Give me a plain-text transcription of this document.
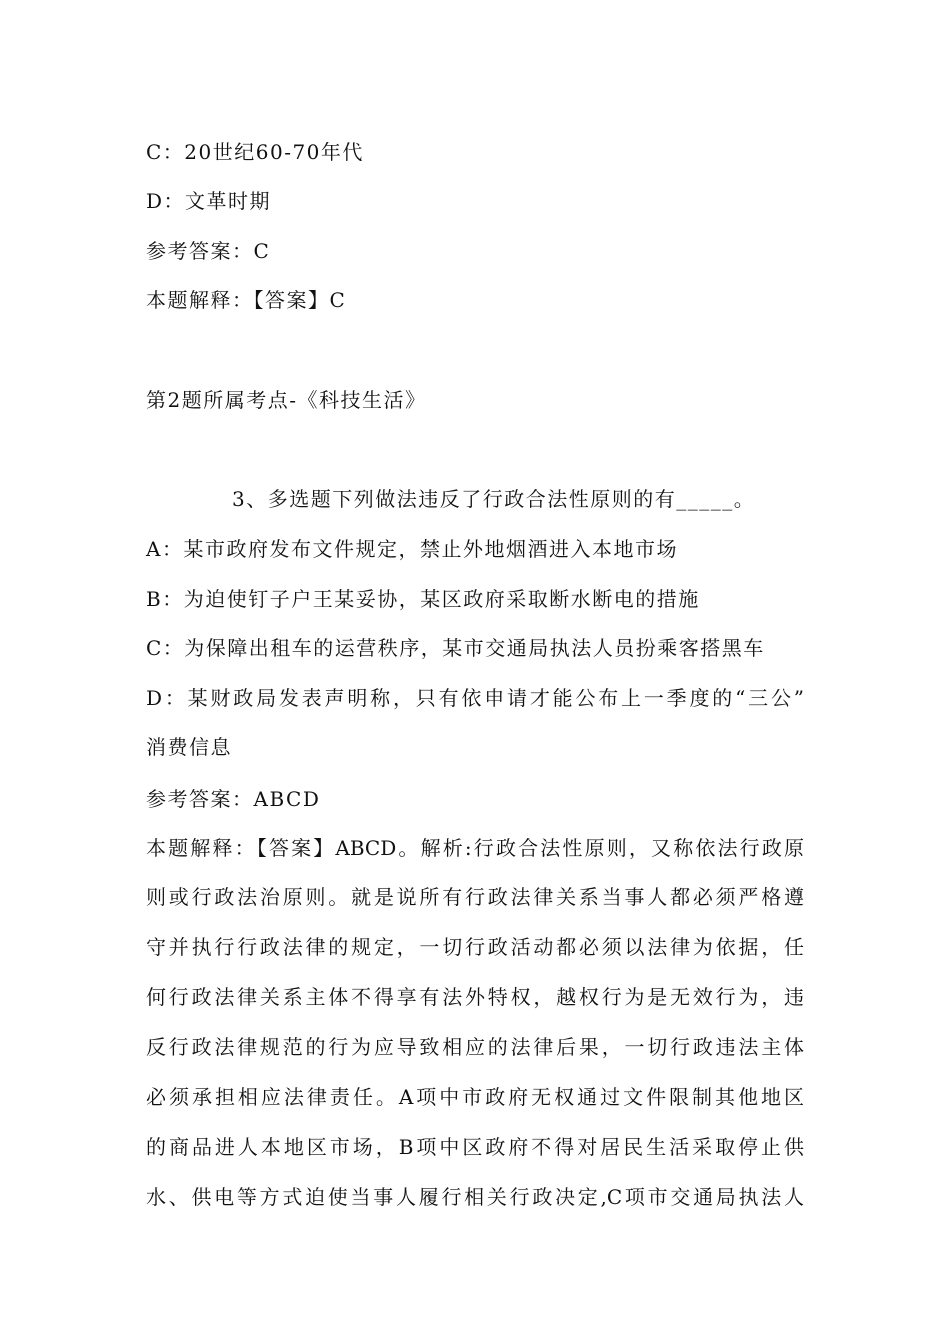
C：20世纪60-70年代
D：文革时期
参考答案：C
本题解释：【答案】C
第2题所属考点-《科技生活》
3、多选题下列做法违反了行政合法性原则的有_____。
A：某市政府发布文件规定，禁止外地烟酒进入本地市场
B：为迫使钉子户王某妥协，某区政府采取断水断电的措施
C：为保障出租车的运营秩序，某市交通局执法人员扮乘客搭黑车
D：某财政局发表声明称，只有依申请才能公布上一季度的“三公”
消费信息
参考答案：ABCD
本题解释：【答案】ABCD。解析:行政合法性原则，又称依法行政原
则或行政法治原则。就是说所有行政法律关系当事人都必须严格遵
守并执行行政法律的规定，一切行政活动都必须以法律为依据，任
何行政法律关系主体不得享有法外特权，越权行为是无效行为，违
反行政法律规范的行为应导致相应的法律后果，一切行政违法主体
必须承担相应法律责任。A项中市政府无权通过文件限制其他地区
的商品进人本地区市场，B项中区政府不得对居民生活采取停止供
水、供电等方式迫使当事人履行相关行政决定,C项市交通局执法人
